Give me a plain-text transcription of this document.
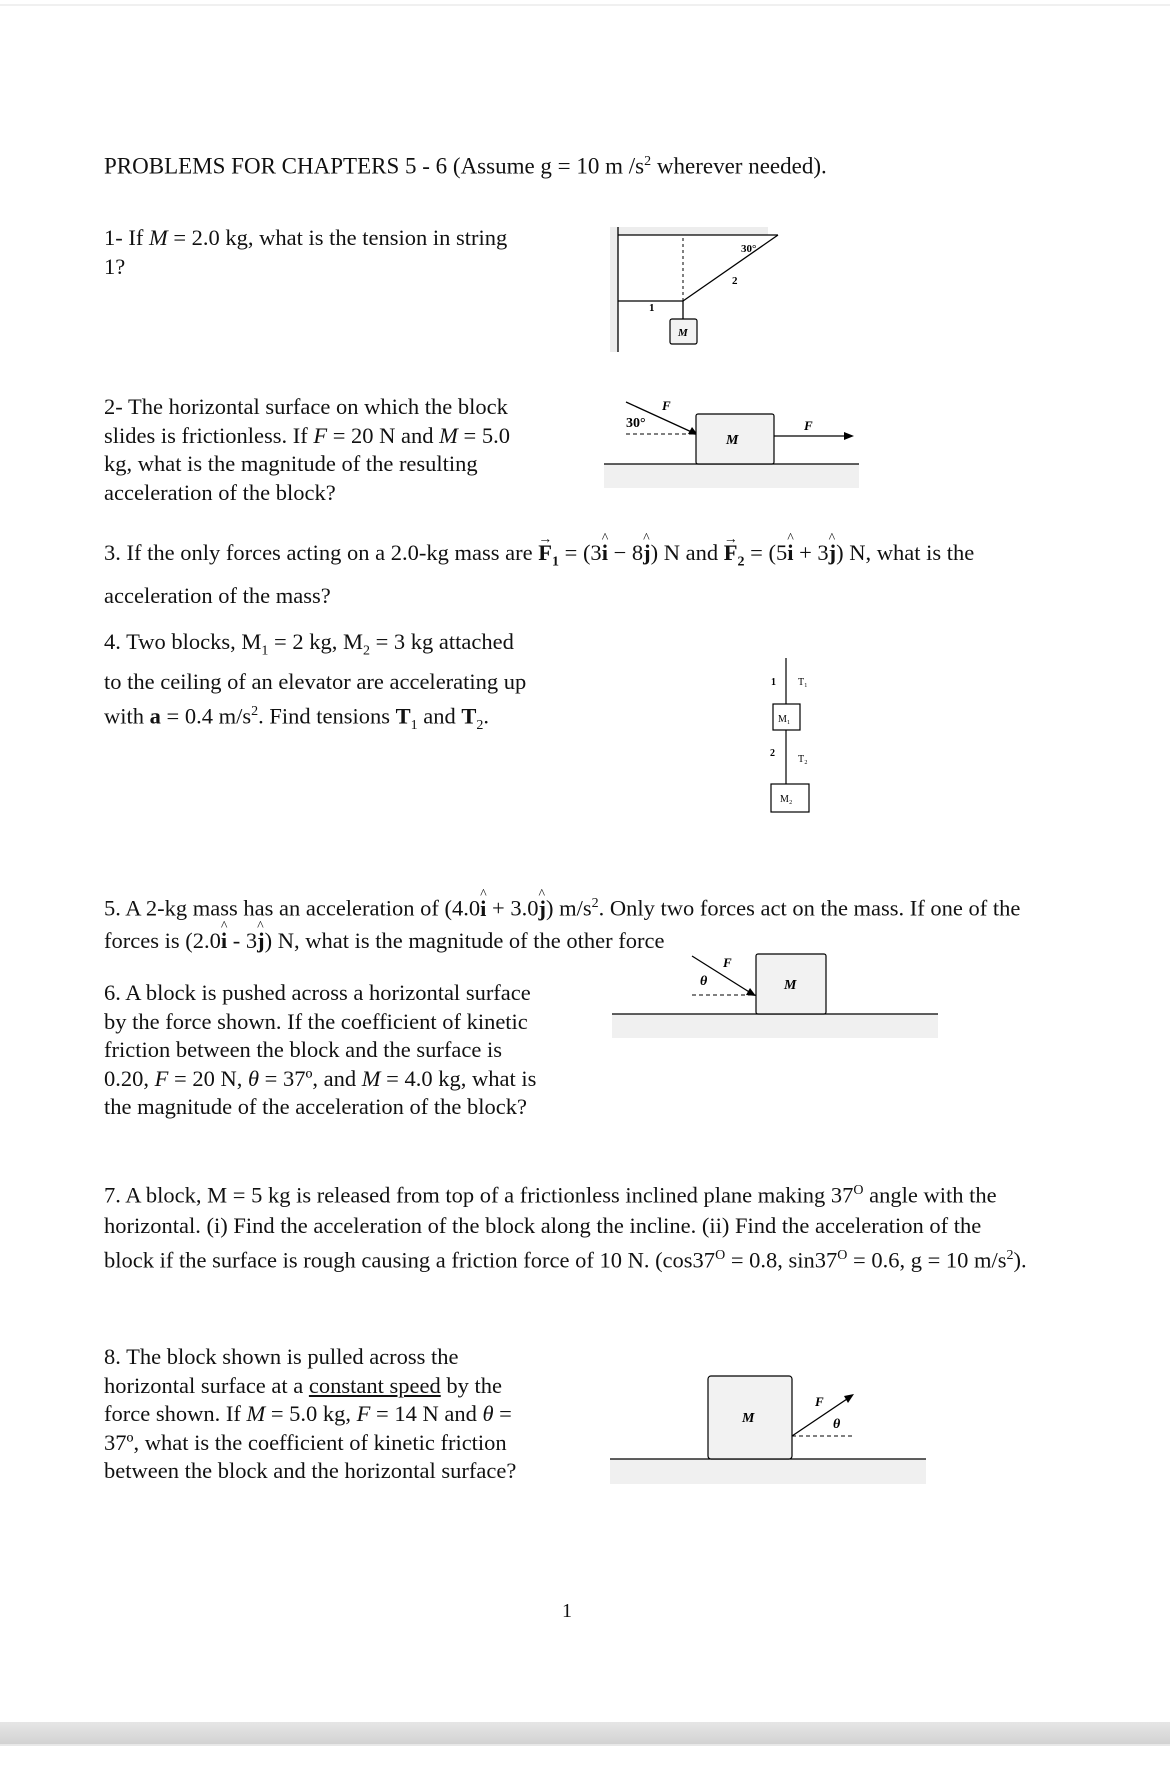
PROBLEMS FOR CHAPTERS 5 - 6 (Assume g = 10 m $/s^2$ wherever needed).

1- If M = 2.0 kg, what is the tension in string 1?

30°
1
2
M

2- The horizontal surface on which the block slides is frictionless. If F = 20 N and M = 5.0 kg, what is the magnitude of the resulting acceleration of the block?

30°
F
M
F

3. If the only forces acting on a 2.0-kg mass are → $F_1$ = (3^ i − 8^ j) N and → $F_2$ = (5^ i + 3^ j) N, what is the acceleration of the mass?

4. Two blocks, $M_1 = 2$ kg, $M_2 = 3$ kg attached to the ceiling of an elevator are accelerating up with a = 0.4 $m/s^2$. Find tensions $T_1$ and $T_2$.

1 T₁
M₁
2
T₂
M₂

5. A 2-kg mass has an acceleration of (4.0^ i + 3.0^ j) $m/s^2$. Only two forces act on the mass. If one of the forces is (2.0^ i - 3^ j) N, what is the magnitude of the other force

6. A block is pushed across a horizontal surface by the force shown. If the coefficient of kinetic friction between the block and the surface is 0.20, F = 20 N, θ = 37º, and M = 4.0 kg, what is the magnitude of the acceleration of the block?

F
θ	M

7. A block, M = 5 kg is released from top of a frictionless inclined plane making $37^O$ angle with the horizontal. (i) Find the acceleration of the block along the incline. (ii) Find the acceleration of the block if the surface is rough causing a friction force of 10 N. ($\cos 37^O = 0.8$, $\sin 37^O = 0.6$, g = 10 $m/s^2$).

8. The block shown is pulled across the horizontal surface at a constant speed by the force shown. If M = 5.0 kg, F = 14 N and θ = 37º, what is the coefficient of kinetic friction between the block and the horizontal surface?

M
F
θ

1
